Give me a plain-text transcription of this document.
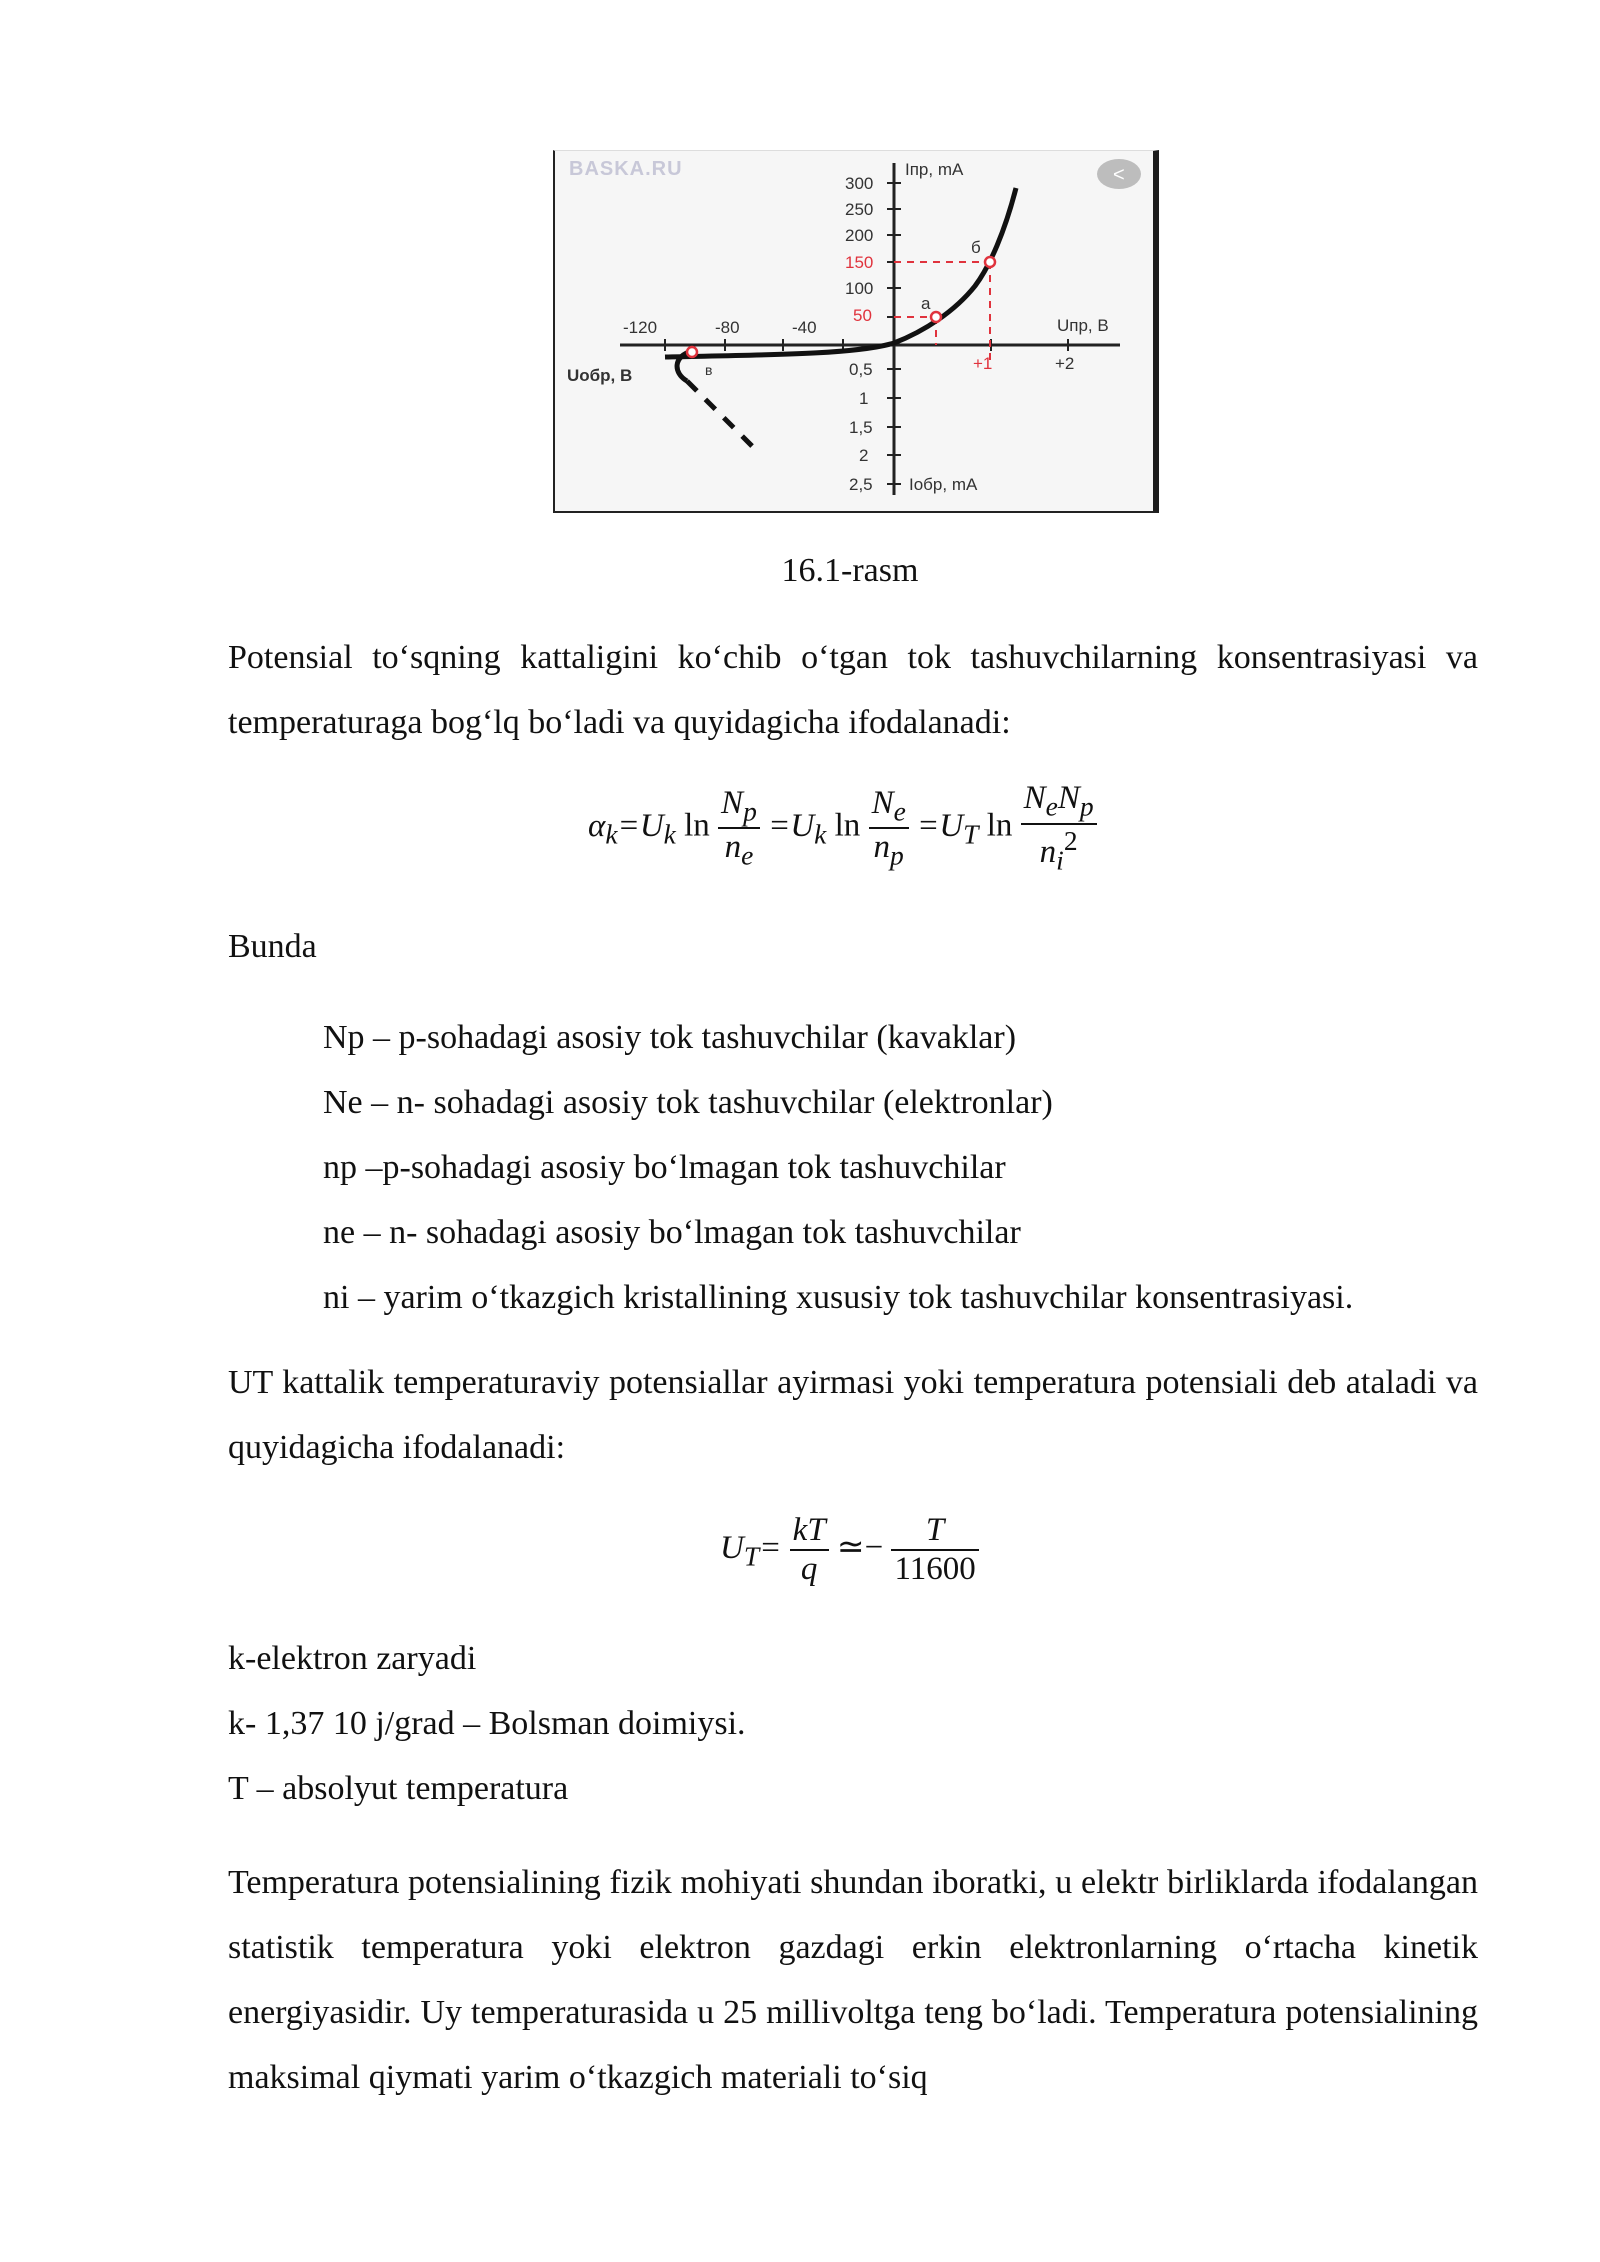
BASKA.RU	<
300
250
200
150
100
50
0,5
1
1,5
2
2,5
-120	-80	-40
+1	+2
Iпр, mA
Iобр, mA
Uпр, B
Uобр, B
a
б
в
16.1-rasm

Potensial to‘sqning kattaligini ko‘chib o‘tgan tok tashuvchilarning konsentrasiyasi va temperaturaga bog‘lq bo‘ladi va quyidagicha ifodalanadi:

$\alpha_k=U_k$ $\ln \frac{N_p}{n_e} =U_k$ $\ln \frac{N_e}{n_p} =U_T$ $\ln \frac{N_eN_p}{n_i^2}$

Bunda

Np – p-sohadagi asosiy tok tashuvchilar (kavaklar)

Ne – n- sohadagi asosiy tok tashuvchilar (elektronlar)

np –p-sohadagi asosiy bo‘lmagan tok tashuvchilar

ne – n- sohadagi asosiy bo‘lmagan tok tashuvchilar

ni – yarim o‘tkazgich kristallining xususiy tok tashuvchilar konsentrasiyasi.

UT kattalik temperaturaviy potensiallar ayirmasi yoki temperatura potensiali deb ataladi va quyidagicha ifodalanadi:

$U_T= \frac{kT}{q}$ ≃− $\frac{T}{11600}$

k-elektron zaryadi

k- 1,37 10 j/grad – Bolsman doimiysi.

T – absolyut temperatura

Temperatura potensialining fizik mohiyati shundan iboratki, u elektr birliklarda ifodalangan statistik temperatura yoki elektron gazdagi erkin elektronlarning o‘rtacha kinetik energiyasidir. Uy temperaturasida u 25 millivoltga teng bo‘ladi. Temperatura potensialining maksimal qiymati yarim o‘tkazgich materiali to‘siq
